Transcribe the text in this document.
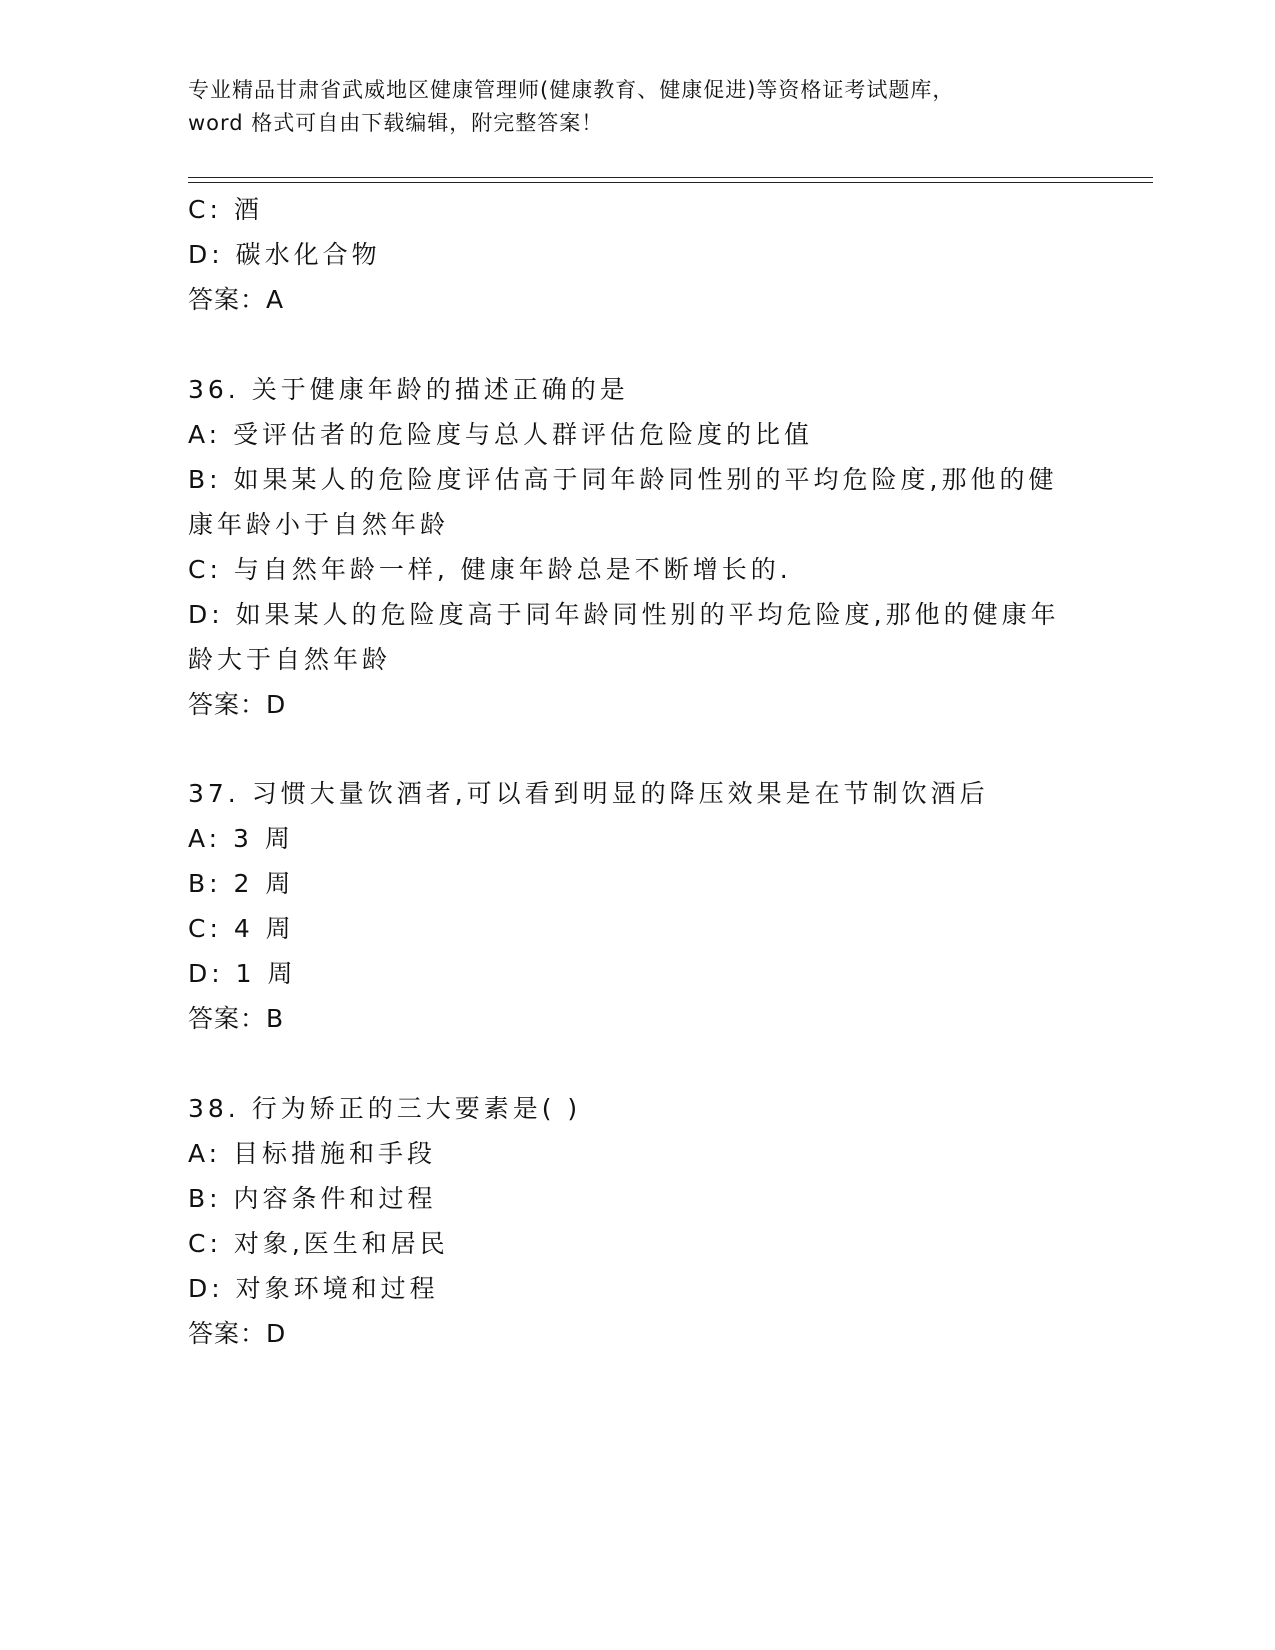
专业精品甘肃省武威地区健康管理师(健康教育、健康促进)等资格证考试题库，
word 格式可自由下载编辑，附完整答案！
C: 酒
D: 碳水化合物
答案：A
36. 关于健康年龄的描述正确的是
A: 受评估者的危险度与总人群评估危险度的比值
B: 如果某人的危险度评估高于同年龄同性别的平均危险度,那他的健
康年龄小于自然年龄
C: 与自然年龄一样, 健康年龄总是不断增长的.
D: 如果某人的危险度高于同年龄同性别的平均危险度,那他的健康年
龄大于自然年龄
答案：D
37. 习惯大量饮酒者,可以看到明显的降压效果是在节制饮酒后
A: 3 周
B: 2 周
C: 4 周
D: 1 周
答案：B
38. 行为矫正的三大要素是( )
A: 目标措施和手段
B: 内容条件和过程
C: 对象,医生和居民
D: 对象环境和过程
答案：D
